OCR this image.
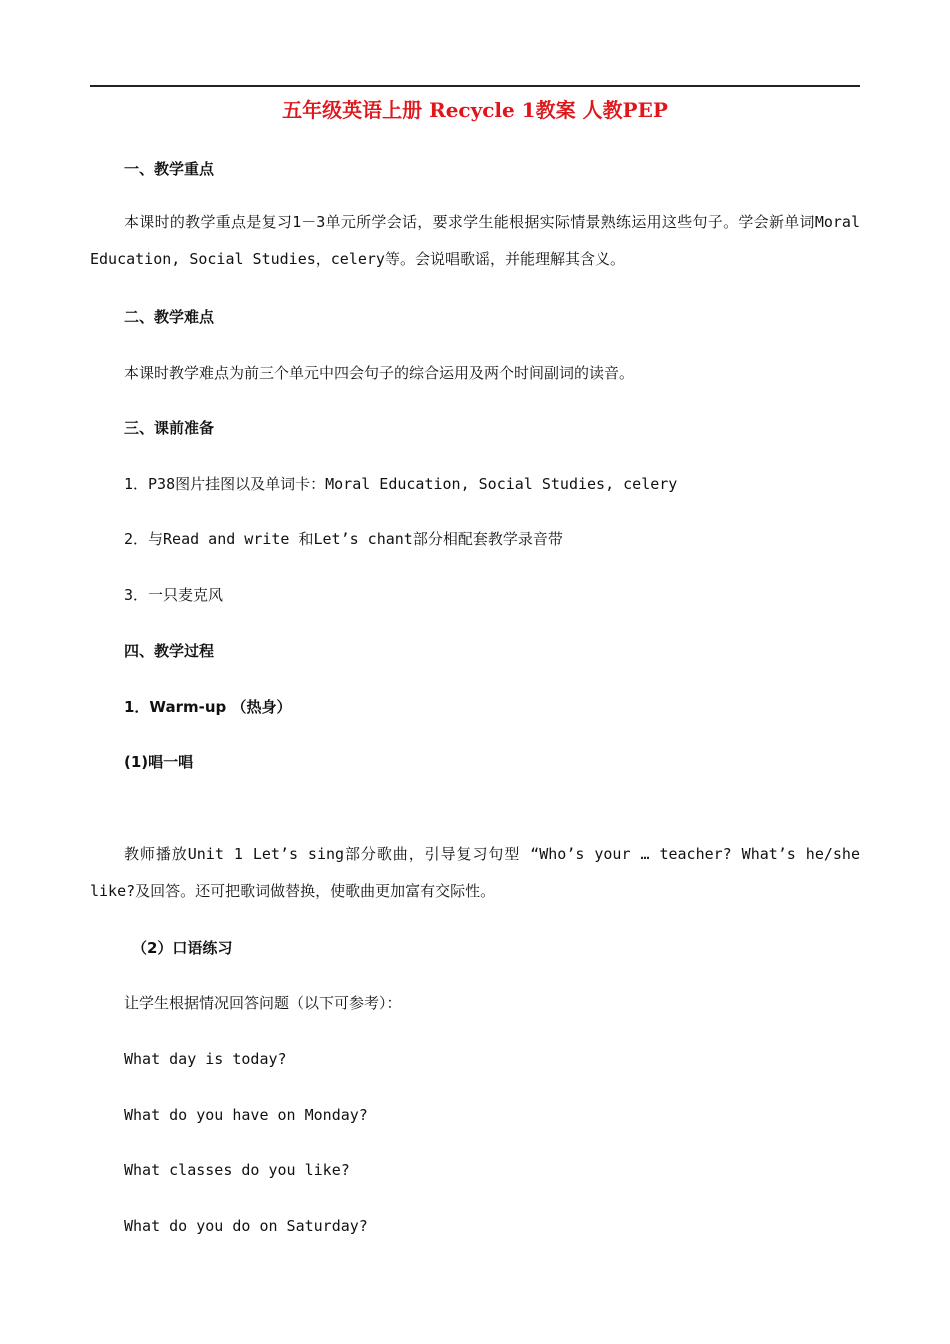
五年级英语上册 Recycle 1教案 人教PEP
一、教学重点
本课时的教学重点是复习1－3单元所学会话，要求学生能根据实际情景熟练运用这些句子。学会新单词Moral Education, Social Studies，celery等。会说唱歌谣，并能理解其含义。
二、教学难点
本课时教学难点为前三个单元中四会句子的综合运用及两个时间副词的读音。
三、课前准备
1．P38图片挂图以及单词卡：Moral Education, Social Studies, celery
2．与Read and write 和Let’s chant部分相配套教学录音带
3．一只麦克风
四、教学过程
1．Warm-up （热身）
(1)唱一唱
教师播放Unit 1 Let’s sing部分歌曲，引导复习句型 “Who’s your … teacher? What’s he/she like?及回答。还可把歌词做替换，使歌曲更加富有交际性。
（2）口语练习
让学生根据情况回答问题（以下可参考）：
What day is today?
What do you have on Monday?
What classes do you like?
What do you do on Saturday?
